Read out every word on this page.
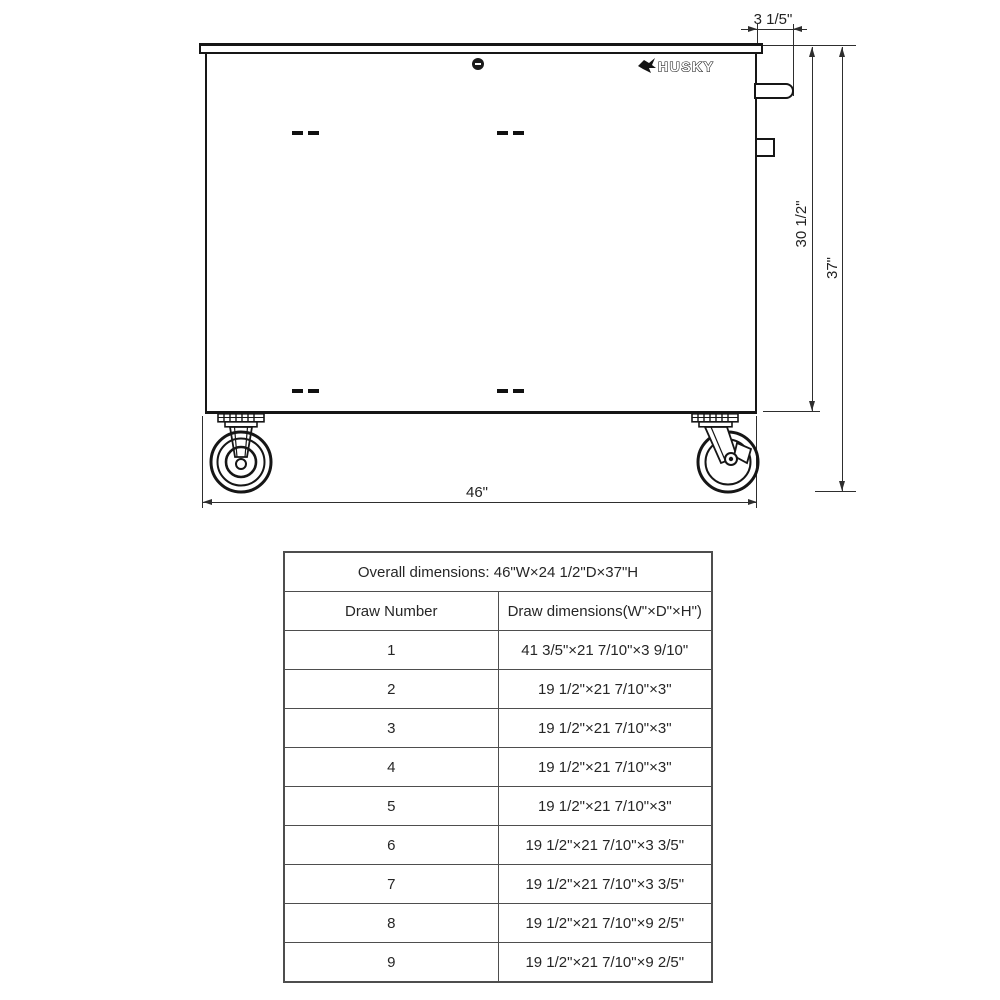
HUSKY
3 1/5"
30 1/2"
37"
46"
Overall dimensions: 46"W×24 1/2"D×37"H	
Draw Number	Draw dimensions(W"×D"×H")
1	41 3/5"×21 7/10"×3 9/10"
2	19 1/2"×21 7/10"×3"
3	19 1/2"×21 7/10"×3"
4	19 1/2"×21 7/10"×3"
5	19 1/2"×21 7/10"×3"
6	19 1/2"×21 7/10"×3 3/5"
7	19 1/2"×21 7/10"×3 3/5"
8	19 1/2"×21 7/10"×9 2/5"
9	19 1/2"×21 7/10"×9 2/5"
